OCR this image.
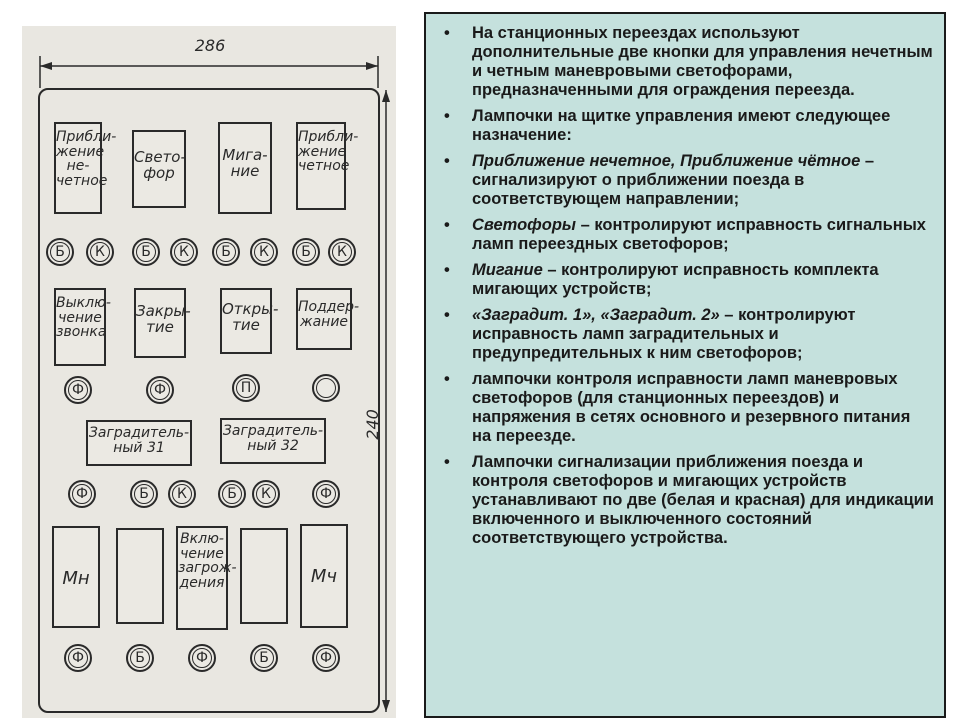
286
240
Прибли-
жение
не-
четное
Свето-
фор
Мига-
ние
Прибли-
жение
четное
Б К	Б К Б К Б К
Выклю-
чение
звонка
Закры-
тие
Откры-
тие
Поддер-
жание
Ф	Ф	П
Заградитель-
ный 31
Заградитель-
ный 32
Ф	Б К	Б К	Ф
Мн
Вклю-
чение
загрож-
дения	Мч
Ф	Б	Ф	Б	Ф
• На станционных переездах используют дополнительные две кнопки для управления нечетным и четным маневровыми светофорами, предназначенными для ограждения переезда.
• Лампочки на щитке управления имеют следующее назначение:
• Приближение нечетное, Приближение чётное – сигнализируют о приближении поезда в соответствующем направлении;
• Светофоры – контролируют исправность сигнальных ламп переездных светофоров;
• Мигание – контролируют исправность комплекта мигающих устройств;
• «Заградит. 1», «Заградит. 2» – контролируют исправность ламп заградительных и предупредительных к ним светофоров;
• лампочки контроля исправности ламп маневровых светофоров (для станционных переездов) и напряжения в сетях основного и резервного питания на переезде.
• Лампочки сигнализации приближения поезда и контроля светофоров и мигающих устройств устанавливают по две (белая и красная) для индикации включенного и выключенного состояний соответствующего устройства.
